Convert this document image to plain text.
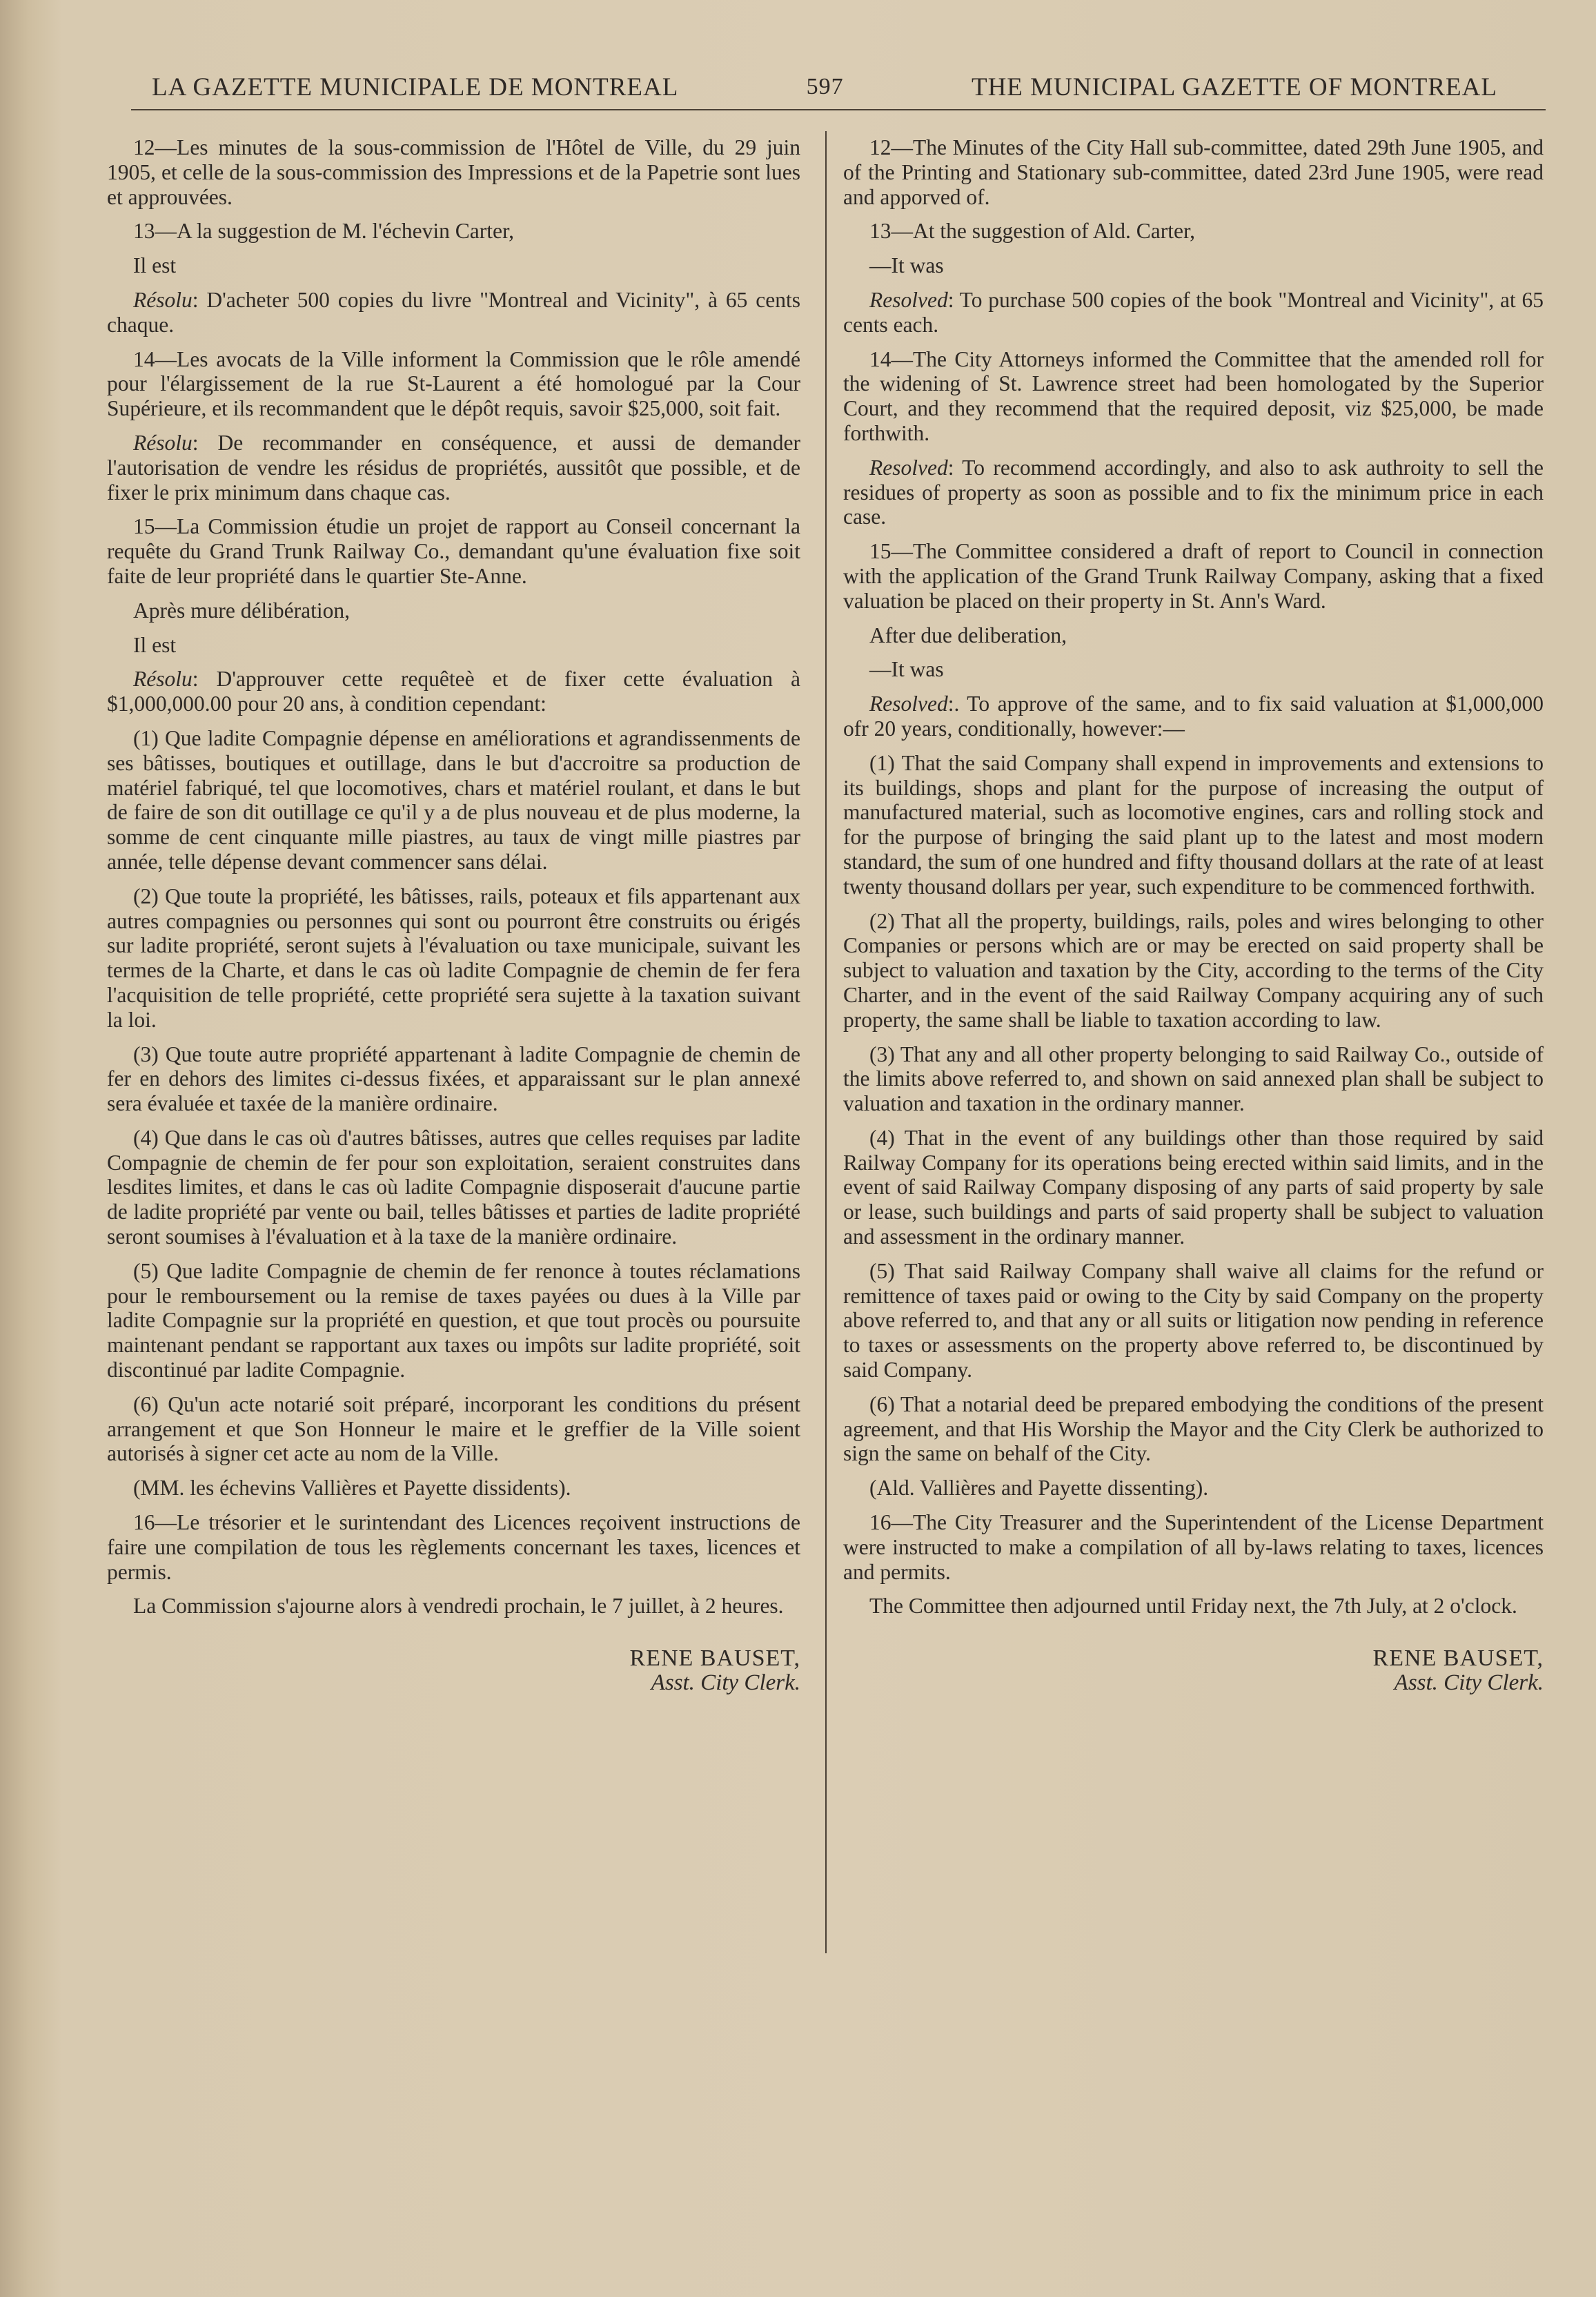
LA GAZETTE MUNICIPALE DE MONTREAL	597	THE MUNICIPAL GAZETTE OF MONTREAL

12—Les minutes de la sous-commission de l'Hôtel de Ville, du 29 juin 1905, et celle de la sous-commission des Impressions et de la Papetrie sont lues et approuvées.

13—A la suggestion de M. l'échevin Carter,

Il est

Résolu: D'acheter 500 copies du livre "Montreal and Vicinity", à 65 cents chaque.

14—Les avocats de la Ville informent la Commission que le rôle amendé pour l'élargissement de la rue St-Laurent a été homologué par la Cour Supérieure, et ils recommandent que le dépôt requis, savoir $25,000, soit fait.

Résolu: De recommander en conséquence, et aussi de demander l'autorisation de vendre les résidus de propriétés, aussitôt que possible, et de fixer le prix minimum dans chaque cas.

15—La Commission étudie un projet de rapport au Conseil concernant la requête du Grand Trunk Railway Co., demandant qu'une évaluation fixe soit faite de leur propriété dans le quartier Ste-Anne.

Après mure délibération,

Il est

Résolu: D'approuver cette requêteè et de fixer cette évaluation à $1,000,000.00 pour 20 ans, à condition cependant:

(1) Que ladite Compagnie dépense en améliorations et agrandissenments de ses bâtisses, boutiques et outillage, dans le but d'accroitre sa production de matériel fabriqué, tel que locomotives, chars et matériel roulant, et dans le but de faire de son dit outillage ce qu'il y a de plus nouveau et de plus moderne, la somme de cent cinquante mille piastres, au taux de vingt mille piastres par année, telle dépense devant commencer sans délai.

(2) Que toute la propriété, les bâtisses, rails, poteaux et fils appartenant aux autres compagnies ou personnes qui sont ou pourront être construits ou érigés sur ladite propriété, seront sujets à l'évaluation ou taxe municipale, suivant les termes de la Charte, et dans le cas où ladite Compagnie de chemin de fer fera l'acquisition de telle propriété, cette propriété sera sujette à la taxation suivant la loi.

(3) Que toute autre propriété appartenant à ladite Compagnie de chemin de fer en dehors des limites ci-dessus fixées, et apparaissant sur le plan annexé sera évaluée et taxée de la manière ordinaire.

(4) Que dans le cas où d'autres bâtisses, autres que celles requises par ladite Compagnie de chemin de fer pour son exploitation, seraient construites dans lesdites limites, et dans le cas où ladite Compagnie disposerait d'aucune partie de ladite propriété par vente ou bail, telles bâtisses et parties de ladite propriété seront soumises à l'évaluation et à la taxe de la manière ordinaire.

(5) Que ladite Compagnie de chemin de fer renonce à toutes réclamations pour le remboursement ou la remise de taxes payées ou dues à la Ville par ladite Compagnie sur la propriété en question, et que tout procès ou poursuite maintenant pendant se rapportant aux taxes ou impôts sur ladite propriété, soit discontinué par ladite Compagnie.

(6) Qu'un acte notarié soit préparé, incorporant les conditions du présent arrangement et que Son Honneur le maire et le greffier de la Ville soient autorisés à signer cet acte au nom de la Ville.

(MM. les échevins Vallières et Payette dissidents).

16—Le trésorier et le surintendant des Licences reçoivent instructions de faire une compilation de tous les règlements concernant les taxes, licences et permis.

La Commission s'ajourne alors à vendredi prochain, le 7 juillet, à 2 heures.

RENE BAUSET,
Asst. City Clerk.

12—The Minutes of the City Hall sub-committee, dated 29th June 1905, and of the Printing and Stationary sub-committee, dated 23rd June 1905, were read and apporved of.

13—At the suggestion of Ald. Carter,

—It was

Resolved: To purchase 500 copies of the book "Montreal and Vicinity", at 65 cents each.

14—The City Attorneys informed the Committee that the amended roll for the widening of St. Lawrence street had been homologated by the Superior Court, and they recommend that the required deposit, viz $25,000, be made forthwith.

Resolved: To recommend accordingly, and also to ask authroity to sell the residues of property as soon as possible and to fix the minimum price in each case.

15—The Committee considered a draft of report to Council in connection with the application of the Grand Trunk Railway Company, asking that a fixed valuation be placed on their property in St. Ann's Ward.

After due deliberation,

—It was

Resolved:. To approve of the same, and to fix said valuation at $1,000,000 ofr 20 years, conditionally, however:—

(1) That the said Company shall expend in improvements and extensions to its buildings, shops and plant for the purpose of increasing the output of manufactured material, such as locomotive engines, cars and rolling stock and for the purpose of bringing the said plant up to the latest and most modern standard, the sum of one hundred and fifty thousand dollars at the rate of at least twenty thousand dollars per year, such expenditure to be commenced forthwith.

(2) That all the property, buildings, rails, poles and wires belonging to other Companies or persons which are or may be erected on said property shall be subject to valuation and taxation by the City, according to the terms of the City Charter, and in the event of the said Railway Company acquiring any of such property, the same shall be liable to taxation according to law.

(3) That any and all other property belonging to said Railway Co., outside of the limits above referred to, and shown on said annexed plan shall be subject to valuation and taxation in the ordinary manner.

(4) That in the event of any buildings other than those required by said Railway Company for its operations being erected within said limits, and in the event of said Railway Company disposing of any parts of said property by sale or lease, such buildings and parts of said property shall be subject to valuation and assessment in the ordinary manner.

(5) That said Railway Company shall waive all claims for the refund or remittence of taxes paid or owing to the City by said Company on the property above referred to, and that any or all suits or litigation now pending in reference to taxes or assessments on the property above referred to, be discontinued by said Company.

(6) That a notarial deed be prepared embodying the conditions of the present agreement, and that His Worship the Mayor and the City Clerk be authorized to sign the same on behalf of the City.

(Ald. Vallières and Payette dissenting).

16—The City Treasurer and the Superintendent of the License Department were instructed to make a compilation of all by-laws relating to taxes, licences and permits.

The Committee then adjourned until Friday next, the 7th July, at 2 o'clock.

RENE BAUSET,
Asst. City Clerk.
